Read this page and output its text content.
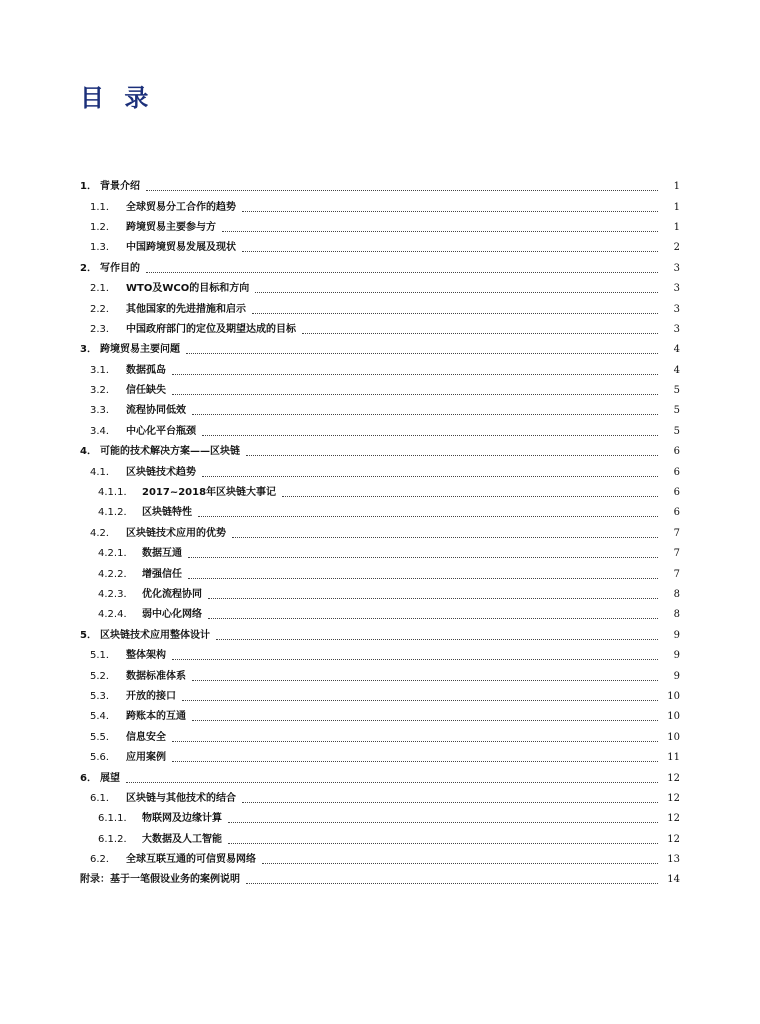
目 录
1． 背景介绍	1
1.1．	全球贸易分工合作的趋势	1
1.2．	跨境贸易主要参与方	1
1.3．	中国跨境贸易发展及现状	2
2． 写作目的	3
2.1．	WTO及WCO的目标和方向	3
2.2．	其他国家的先进措施和启示	3
2.3．	中国政府部门的定位及期望达成的目标	3
3． 跨境贸易主要问题	4
3.1．	数据孤岛	4
3.2．	信任缺失	5
3.3．	流程协同低效	5
3.4．	中心化平台瓶颈	5
4． 可能的技术解决方案——区块链	6
4.1．	区块链技术趋势	6
4.1.1． 2017~2018年区块链大事记	6
4.1.2． 区块链特性	6
4.2．	区块链技术应用的优势	7
4.2.1． 数据互通	7
4.2.2． 增强信任	7
4.2.3． 优化流程协同	8
4.2.4． 弱中心化网络	8
5． 区块链技术应用整体设计	9
5.1．	整体架构	9
5.2．	数据标准体系	9
5.3．	开放的接口	10
5.4．	跨账本的互通	10
5.5．	信息安全	10
5.6．	应用案例	11
6． 展望	12
6.1．	区块链与其他技术的结合	12
6.1.1． 物联网及边缘计算	12
6.1.2． 大数据及人工智能	12
6.2．	全球互联互通的可信贸易网络	13
附录：基于一笔假设业务的案例说明	14
